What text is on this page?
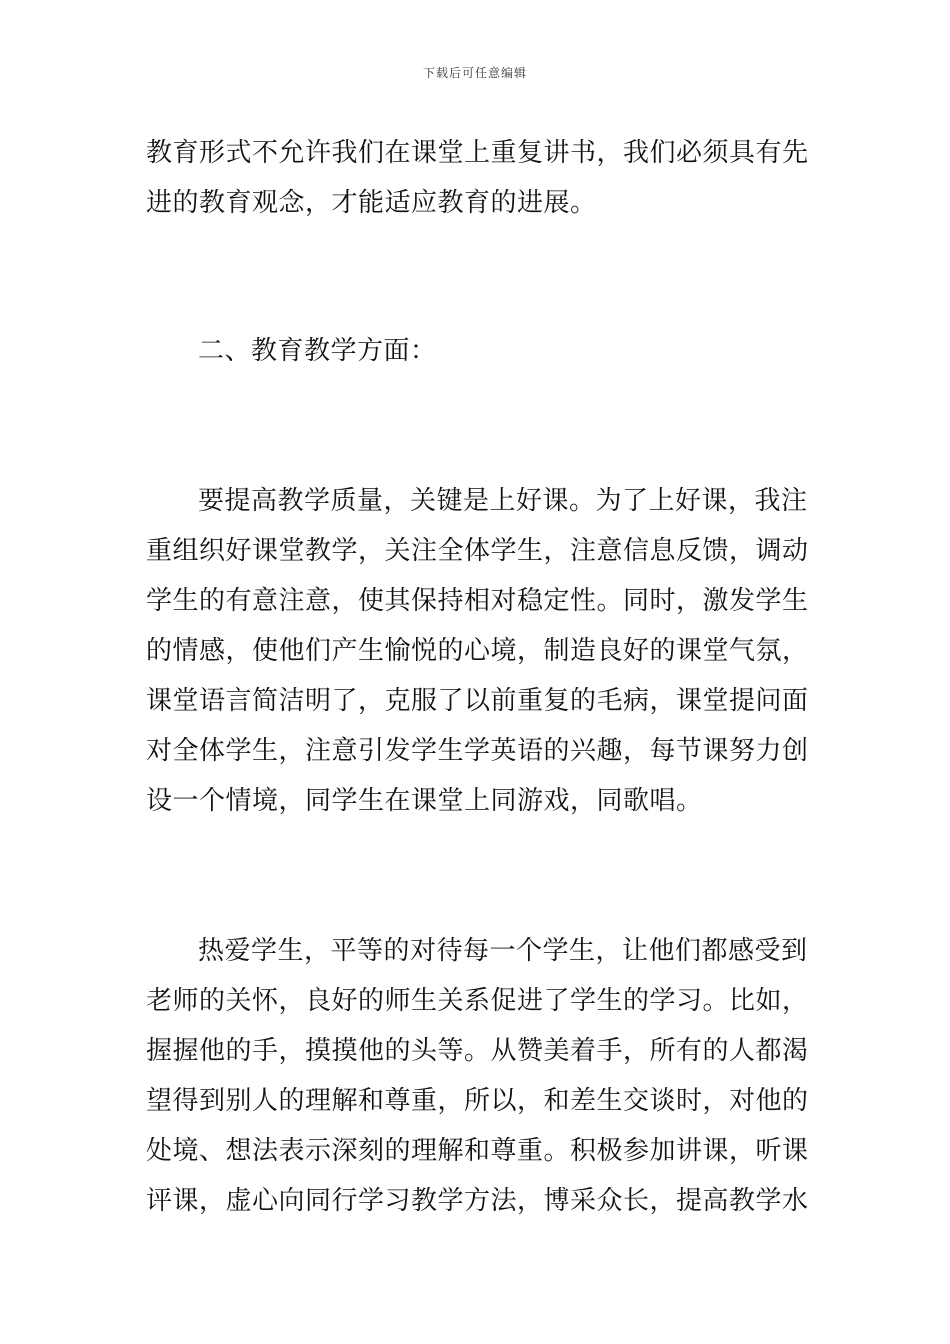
下载后可任意编辑
教育形式不允许我们在课堂上重复讲书，我们必须具有先
进的教育观念，才能适应教育的进展。
二、教育教学方面：
要提高教学质量，关键是上好课。为了上好课，我注
重组织好课堂教学，关注全体学生，注意信息反馈，调动
学生的有意注意，使其保持相对稳定性。同时，激发学生
的情感，使他们产生愉悦的心境，制造良好的课堂气氛，
课堂语言简洁明了，克服了以前重复的毛病，课堂提问面
对全体学生，注意引发学生学英语的兴趣，每节课努力创
设一个情境，同学生在课堂上同游戏，同歌唱。
热爱学生，平等的对待每一个学生，让他们都感受到
老师的关怀，良好的师生关系促进了学生的学习。比如，
握握他的手，摸摸他的头等。从赞美着手，所有的人都渴
望得到别人的理解和尊重，所以，和差生交谈时，对他的
处境、想法表示深刻的理解和尊重。积极参加讲课，听课
评课，虚心向同行学习教学方法，博采众长，提高教学水
